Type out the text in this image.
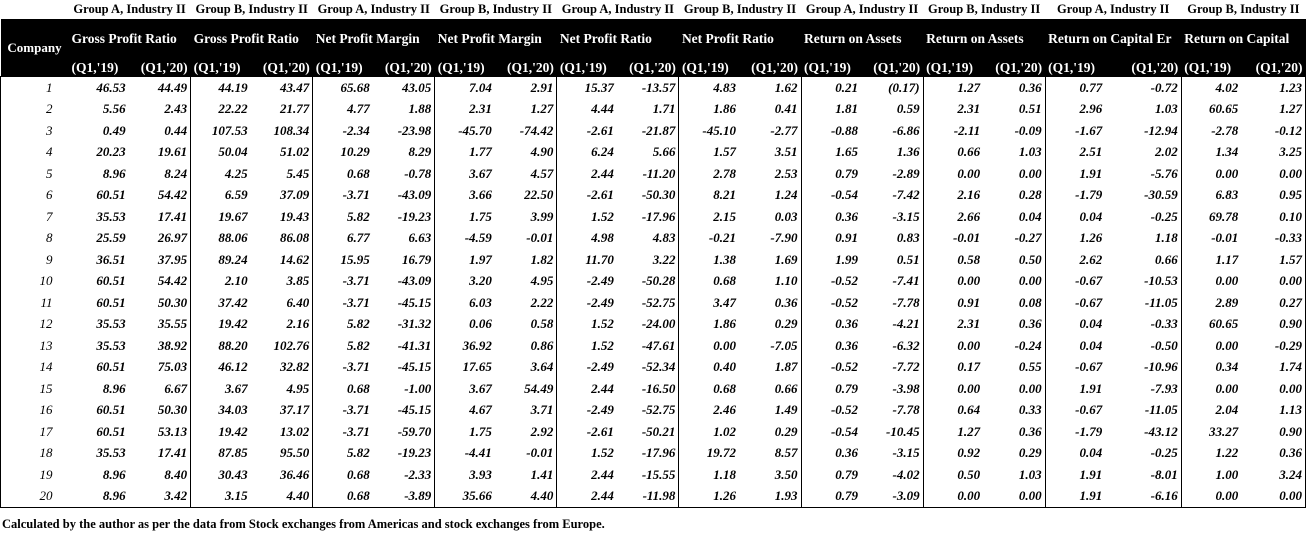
	Group A, Industry II		Group B, Industry II		Group A, Industry II		Group B, Industry II		Group A, Industry II		Group B, Industry II		Group A, Industry II		Group B, Industry II		Group A, Industry II		Group B, Industry II	
Company	Gross Profit Ratio		Gross Profit Ratio		Net Profit Margin		Net Profit Margin		Net Profit Ratio		Net Profit Ratio		Return on Assets		Return on Assets		Return on Capital Er		Return on Capital	
	(Q1,'19)	(Q1,'20)	(Q1,'19)	(Q1,'20)	(Q1,'19)	(Q1,'20)	(Q1,'19)	(Q1,'20)	(Q1,'19)	(Q1,'20)	(Q1,'19)	(Q1,'20)	(Q1,'19)	(Q1,'20)	(Q1,'19)	(Q1,'20)	(Q1,'19)	(Q1,'20)	(Q1,'19)	(Q1,'20)
1	46.53	44.49	44.19	43.47	65.68	43.05	7.04	2.91	15.37	-13.57	4.83	1.62	0.21	(0.17)	1.27	0.36	0.77	-0.72	4.02	1.23
2	5.56	2.43	22.22	21.77	4.77	1.88	2.31	1.27	4.44	1.71	1.86	0.41	1.81	0.59	2.31	0.51	2.96	1.03	60.65	1.27
3	0.49	0.44	107.53	108.34	-2.34	-23.98	-45.70	-74.42	-2.61	-21.87	-45.10	-2.77	-0.88	-6.86	-2.11	-0.09	-1.67	-12.94	-2.78	-0.12
4	20.23	19.61	50.04	51.02	10.29	8.29	1.77	4.90	6.24	5.66	1.57	3.51	1.65	1.36	0.66	1.03	2.51	2.02	1.34	3.25
5	8.96	8.24	4.25	5.45	0.68	-0.78	3.67	4.57	2.44	-11.20	2.78	2.53	0.79	-2.89	0.00	0.00	1.91	-5.76	0.00	0.00
6	60.51	54.42	6.59	37.09	-3.71	-43.09	3.66	22.50	-2.61	-50.30	8.21	1.24	-0.54	-7.42	2.16	0.28	-1.79	-30.59	6.83	0.95
7	35.53	17.41	19.67	19.43	5.82	-19.23	1.75	3.99	1.52	-17.96	2.15	0.03	0.36	-3.15	2.66	0.04	0.04	-0.25	69.78	0.10
8	25.59	26.97	88.06	86.08	6.77	6.63	-4.59	-0.01	4.98	4.83	-0.21	-7.90	0.91	0.83	-0.01	-0.27	1.26	1.18	-0.01	-0.33
9	36.51	37.95	89.24	14.62	15.95	16.79	1.97	1.82	11.70	3.22	1.38	1.69	1.99	0.51	0.58	0.50	2.62	0.66	1.17	1.57
10	60.51	54.42	2.10	3.85	-3.71	-43.09	3.20	4.95	-2.49	-50.28	0.68	1.10	-0.52	-7.41	0.00	0.00	-0.67	-10.53	0.00	0.00
11	60.51	50.30	37.42	6.40	-3.71	-45.15	6.03	2.22	-2.49	-52.75	3.47	0.36	-0.52	-7.78	0.91	0.08	-0.67	-11.05	2.89	0.27
12	35.53	35.55	19.42	2.16	5.82	-31.32	0.06	0.58	1.52	-24.00	1.86	0.29	0.36	-4.21	2.31	0.36	0.04	-0.33	60.65	0.90
13	35.53	38.92	88.20	102.76	5.82	-41.31	36.92	0.86	1.52	-47.61	0.00	-7.05	0.36	-6.32	0.00	-0.24	0.04	-0.50	0.00	-0.29
14	60.51	75.03	46.12	32.82	-3.71	-45.15	17.65	3.64	-2.49	-52.34	0.40	1.87	-0.52	-7.72	0.17	0.55	-0.67	-10.96	0.34	1.74
15	8.96	6.67	3.67	4.95	0.68	-1.00	3.67	54.49	2.44	-16.50	0.68	0.66	0.79	-3.98	0.00	0.00	1.91	-7.93	0.00	0.00
16	60.51	50.30	34.03	37.17	-3.71	-45.15	4.67	3.71	-2.49	-52.75	2.46	1.49	-0.52	-7.78	0.64	0.33	-0.67	-11.05	2.04	1.13
17	60.51	53.13	19.42	13.02	-3.71	-59.70	1.75	2.92	-2.61	-50.21	1.02	0.29	-0.54	-10.45	1.27	0.36	-1.79	-43.12	33.27	0.90
18	35.53	17.41	87.85	95.50	5.82	-19.23	-4.41	-0.01	1.52	-17.96	19.72	8.57	0.36	-3.15	0.92	0.29	0.04	-0.25	1.22	0.36
19	8.96	8.40	30.43	36.46	0.68	-2.33	3.93	1.41	2.44	-15.55	1.18	3.50	0.79	-4.02	0.50	1.03	1.91	-8.01	1.00	3.24
20	8.96	3.42	3.15	4.40	0.68	-3.89	35.66	4.40	2.44	-11.98	1.26	1.93	0.79	-3.09	0.00	0.00	1.91	-6.16	0.00	0.00
Calculated by the author as per the data from Stock exchanges from Americas and stock exchanges from Europe.
